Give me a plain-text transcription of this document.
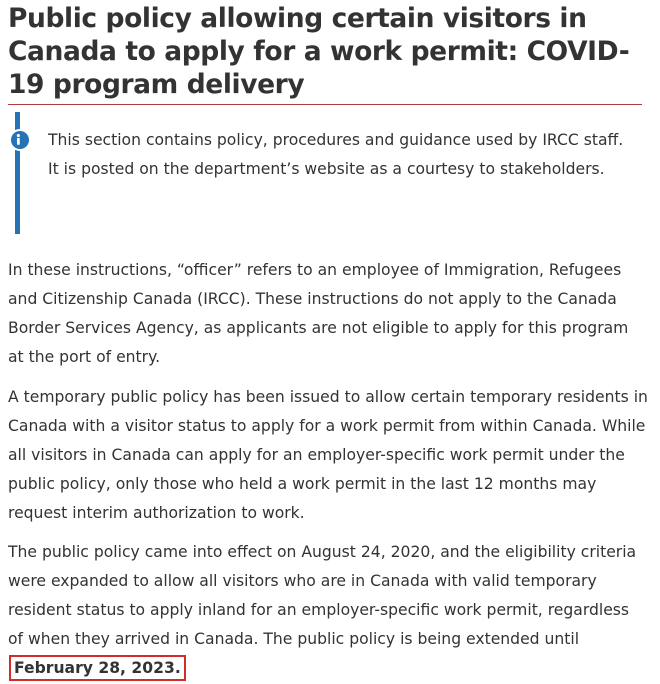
Public policy allowing certain visitors in Canada to apply for a work permit: COVID-19 program delivery

This section contains policy, procedures and guidance used by IRCC staff. It is posted on the department’s website as a courtesy to stakeholders.

In these instructions, “officer” refers to an employee of Immigration, Refugees and Citizenship Canada (IRCC). These instructions do not apply to the Canada Border Services Agency, as applicants are not eligible to apply for this program at the port of entry.

A temporary public policy has been issued to allow certain temporary residents in Canada with a visitor status to apply for a work permit from within Canada. While all visitors in Canada can apply for an employer-specific work permit under the public policy, only those who held a work permit in the last 12 months may request interim authorization to work.

The public policy came into effect on August 24, 2020, and the eligibility criteria were expanded to allow all visitors who are in Canada with valid temporary resident status to apply inland for an employer-specific work permit, regardless of when they arrived in Canada. The public policy is being extended until February 28, 2023.
